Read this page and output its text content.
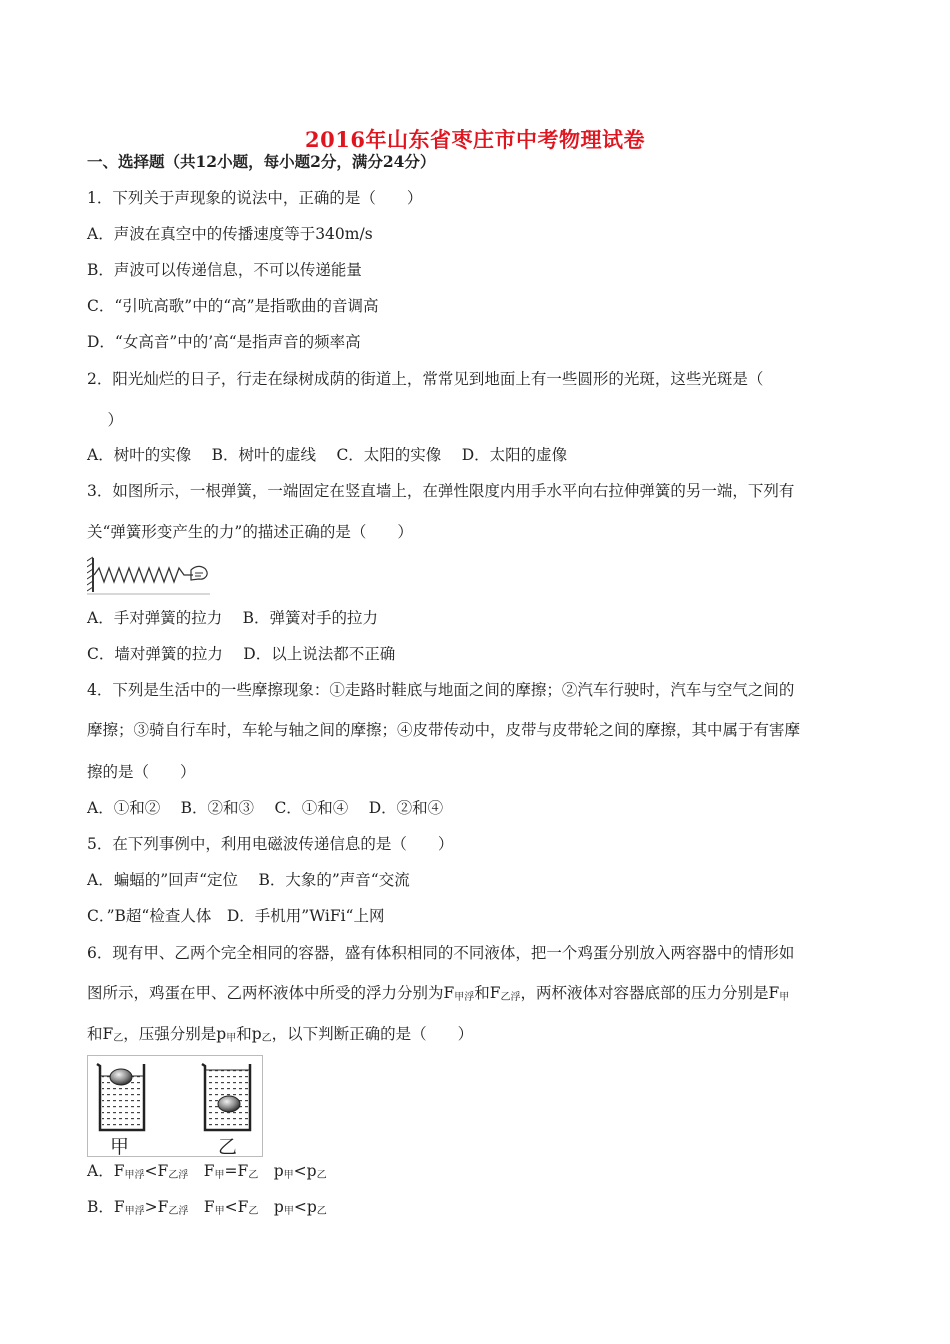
2016年山东省枣庄市中考物理试卷
一、选择题（共12小题，每小题2分，满分24分）
1．下列关于声现象的说法中，正确的是（　　）
A．声波在真空中的传播速度等于340m/s
B．声波可以传递信息，不可以传递能量
C．“引吭高歌”中的“高”是指歌曲的音调高
D．“女高音”中的’高“是指声音的频率高
2．阳光灿烂的日子，行走在绿树成荫的街道上，常常见到地面上有一些圆形的光斑，这些光斑是（
　）
A．树叶的实像　 B．树叶的虚线　 C．太阳的实像　 D．太阳的虚像
3．如图所示，一根弹簧，一端固定在竖直墙上，在弹性限度内用手水平向右拉伸弹簧的另一端，下列有
关“弹簧形变产生的力”的描述正确的是（　　）
A．手对弹簧的拉力　 B．弹簧对手的拉力
C．墙对弹簧的拉力　 D．以上说法都不正确
4．下列是生活中的一些摩擦现象：①走路时鞋底与地面之间的摩擦；②汽车行驶时，汽车与空气之间的
摩擦；③骑自行车时，车轮与轴之间的摩擦；④皮带传动中，皮带与皮带轮之间的摩擦，其中属于有害摩
擦的是（　　）
A．①和②　 B．②和③　 C．①和④　 D．②和④
5．在下列事例中，利用电磁波传递信息的是（　　）
A．蝙蝠的”回声“定位　 B．大象的”声音“交流
C．”B超“检查人体　D．手机用”WiFi“上网
6．现有甲、乙两个完全相同的容器，盛有体积相同的不同液体，把一个鸡蛋分别放入两容器中的情形如
图所示，鸡蛋在甲、乙两杯液体中所受的浮力分别为$F_{甲浮}$和$F_{乙浮}$，两杯液体对容器底部的压力分别是$F_甲$
和$F_乙$，压强分别是$p_甲$和$p_乙$，以下判断正确的是（　　）
甲	乙
A．$F_{甲浮}<F_{乙浮}$　$F_甲=F_乙$　$p_甲<p_乙$
B．$F_{甲浮}>F_{乙浮}$　$F_甲<F_乙$　$p_甲<p_乙$
